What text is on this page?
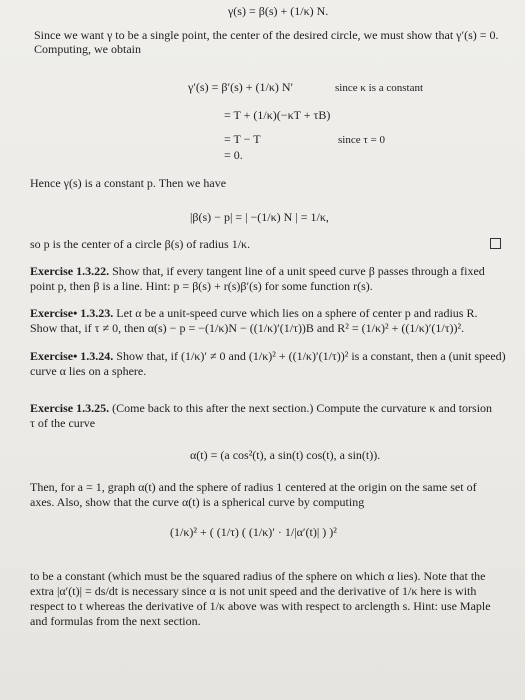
γ(s) = β(s) + (1/κ) N.
Since we want γ to be a single point, the center of the desired circle, we must show that γ′(s) = 0.
Computing, we obtain
γ′(s) = β′(s) + (1/κ) N′	since κ is a constant
= T + (1/κ)(−κT + τB)
= T − T	since τ = 0
= 0.
Hence γ(s) is a constant p. Then we have
|β(s) − p| = | −(1/κ) N | = 1/κ,
so p is the center of a circle β(s) of radius 1/κ.
Exercise 1.3.22. Show that, if every tangent line of a unit speed curve β passes through a fixed
point p, then β is a line. Hint: p = β(s) + r(s)β′(s) for some function r(s).
Exercise• 1.3.23. Let α be a unit-speed curve which lies on a sphere of center p and radius R.
Show that, if τ ≠ 0, then α(s) − p = −(1/κ)N − ((1/κ)′(1/τ))B and R² = (1/κ)² + ((1/κ)′(1/τ))².
Exercise• 1.3.24. Show that, if (1/κ)′ ≠ 0 and (1/κ)² + ((1/κ)′(1/τ))² is a constant, then a (unit speed)
curve α lies on a sphere.
Exercise 1.3.25. (Come back to this after the next section.) Compute the curvature κ and torsion
τ of the curve
α(t) = (a cos²(t), a sin(t) cos(t), a sin(t)).
Then, for a = 1, graph α(t) and the sphere of radius 1 centered at the origin on the same set of
axes. Also, show that the curve α(t) is a spherical curve by computing
(1/κ)² + ( (1/τ) ( (1/κ)′ · 1/|α′(t)| ) )²
to be a constant (which must be the squared radius of the sphere on which α lies). Note that the
extra |α′(t)| = ds/dt is necessary since α is not unit speed and the derivative of 1/κ here is with
respect to t whereas the derivative of 1/κ above was with respect to arclength s. Hint: use Maple
and formulas from the next section.
